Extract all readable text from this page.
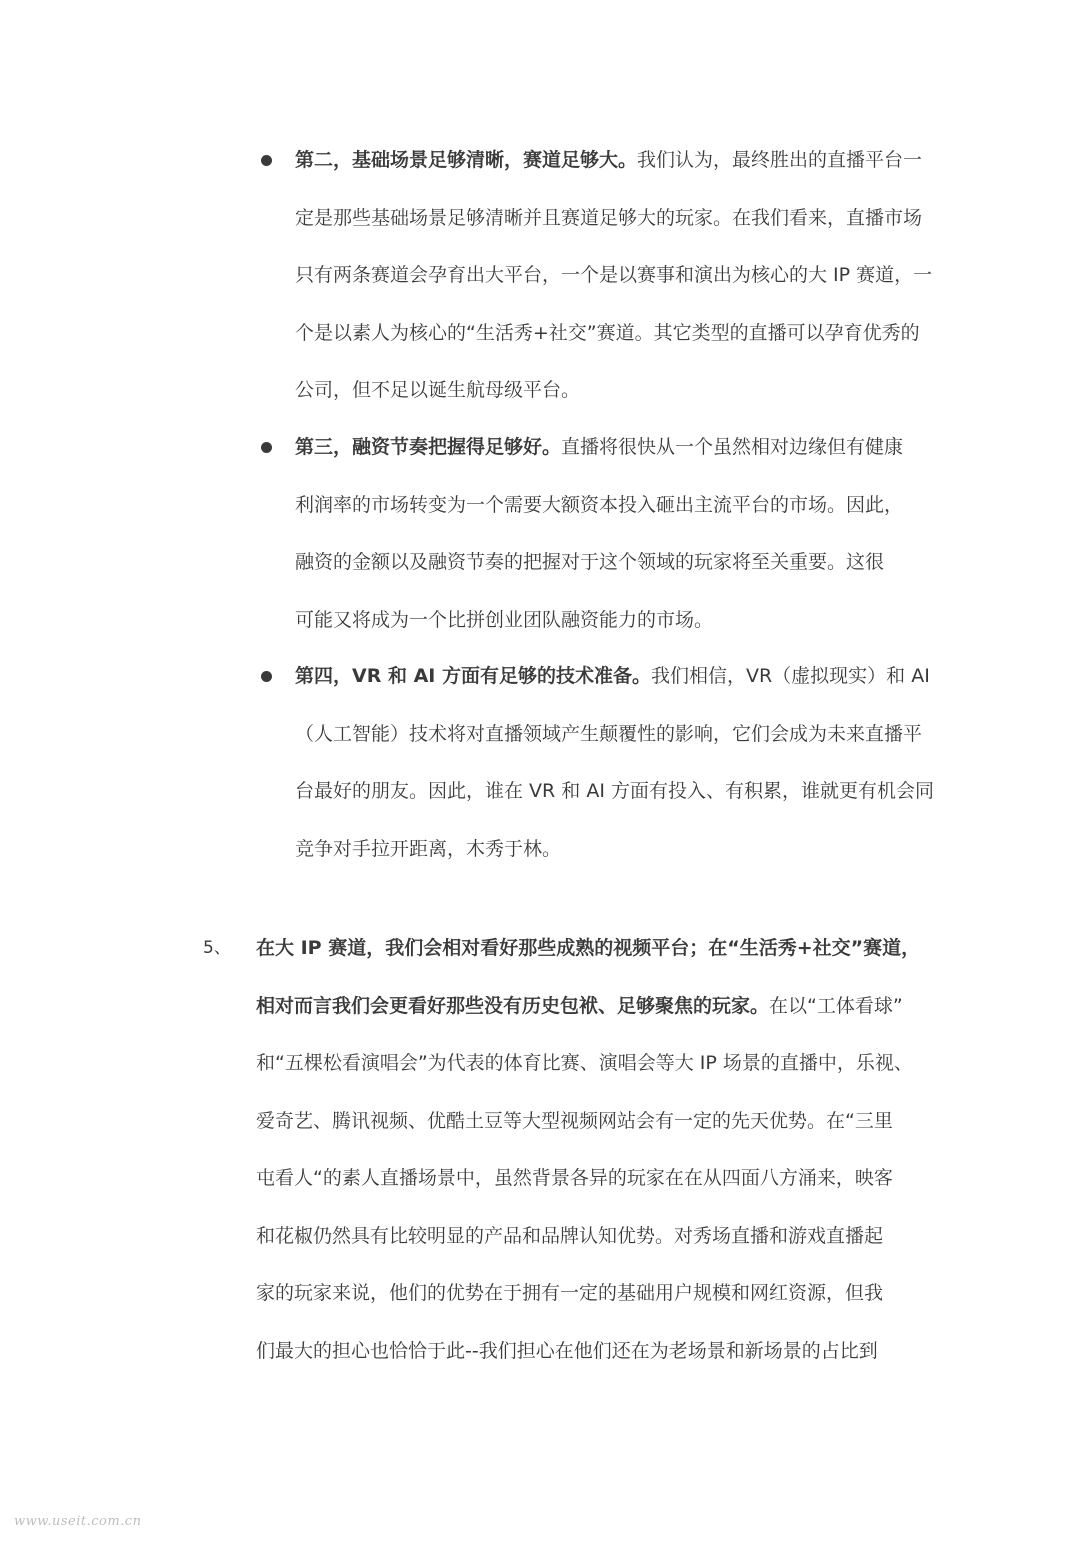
第二，基础场景足够清晰，赛道足够大。我们认为，最终胜出的直播平台一
定是那些基础场景足够清晰并且赛道足够大的玩家。在我们看来，直播市场
只有两条赛道会孕育出大平台，一个是以赛事和演出为核心的大 IP 赛道，一
个是以素人为核心的“生活秀+社交”赛道。其它类型的直播可以孕育优秀的
公司，但不足以诞生航母级平台。
第三，融资节奏把握得足够好。直播将很快从一个虽然相对边缘但有健康
利润率的市场转变为一个需要大额资本投入砸出主流平台的市场。因此，
融资的金额以及融资节奏的把握对于这个领域的玩家将至关重要。这很
可能又将成为一个比拼创业团队融资能力的市场。
第四，VR 和 AI 方面有足够的技术准备。我们相信，VR（虚拟现实）和 AI
（人工智能）技术将对直播领域产生颠覆性的影响，它们会成为未来直播平
台最好的朋友。因此，谁在 VR 和 AI 方面有投入、有积累，谁就更有机会同
竞争对手拉开距离，木秀于林。
5、 在大 IP 赛道，我们会相对看好那些成熟的视频平台；在“生活秀+社交”赛道，
相对而言我们会更看好那些没有历史包袱、足够聚焦的玩家。在以“工体看球”
和“五棵松看演唱会”为代表的体育比赛、演唱会等大 IP 场景的直播中，乐视、
爱奇艺、腾讯视频、优酷土豆等大型视频网站会有一定的先天优势。在“三里
屯看人“的素人直播场景中，虽然背景各异的玩家在在从四面八方涌来，映客
和花椒仍然具有比较明显的产品和品牌认知优势。对秀场直播和游戏直播起
家的玩家来说，他们的优势在于拥有一定的基础用户规模和网红资源，但我
们最大的担心也恰恰于此--我们担心在他们还在为老场景和新场景的占比到
www.useit.com.cn
